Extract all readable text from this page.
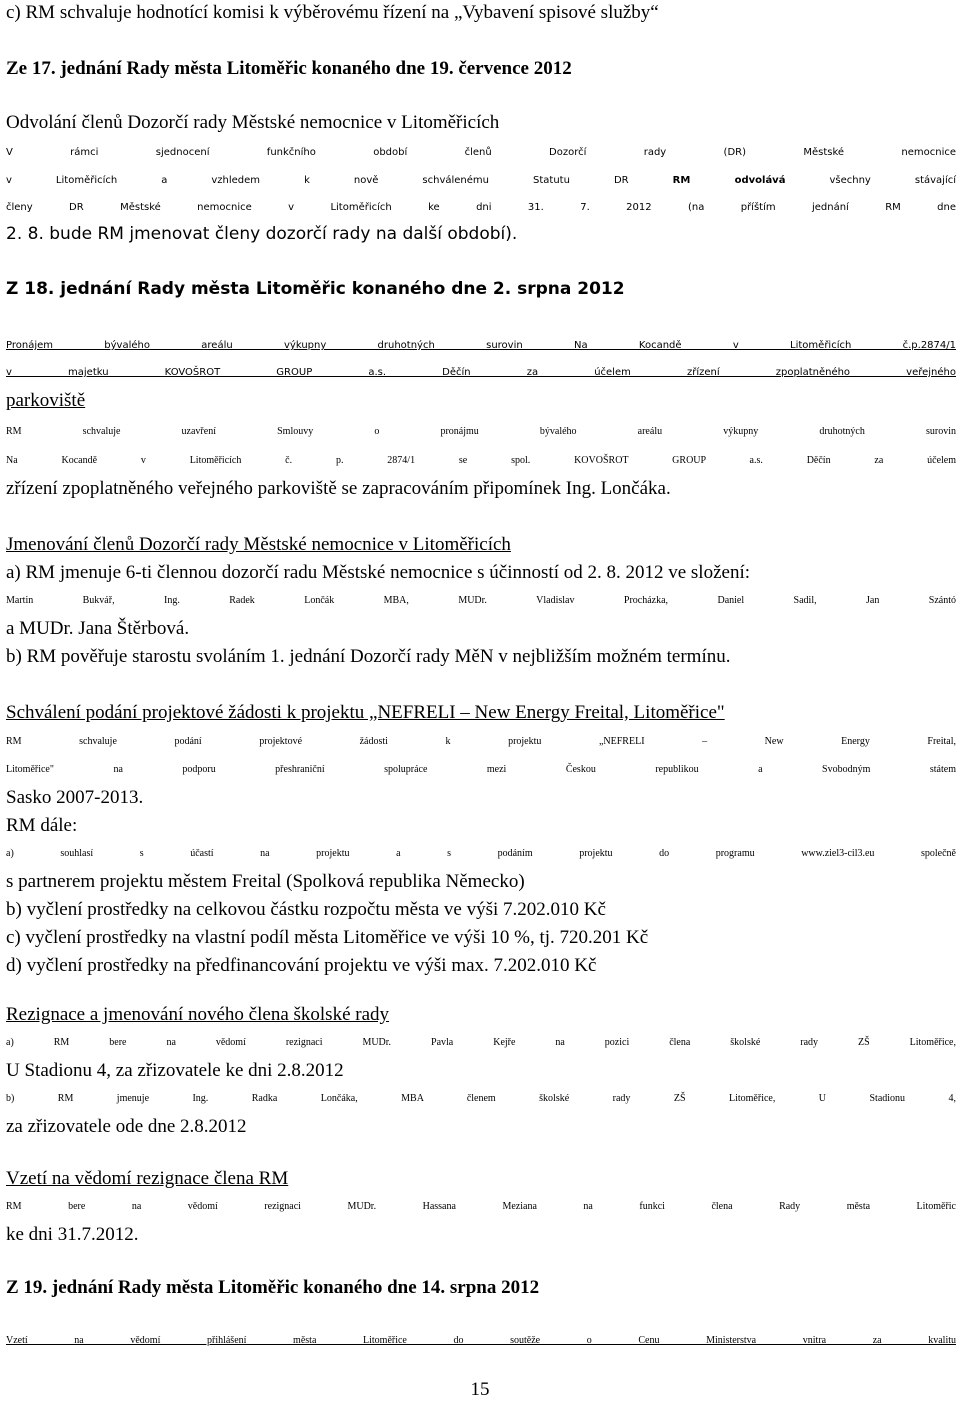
c) RM schvaluje hodnotící komisi k výběrovému řízení na „Vybavení spisové služby“
Ze 17. jednání Rady města Litoměřic konaného dne 19. července 2012
Odvolání členů Dozorčí rady Městské nemocnice v Litoměřicích
V rámci sjednocení funkčního období členů Dozorčí rady (DR) Městské nemocnice
v Litoměřicích a vzhledem k nově schválenému Statutu DR RM odvolává všechny stávající
členy DR Městské nemocnice v Litoměřicích ke dni 31. 7. 2012 (na příštím jednání RM dne
2. 8. bude RM jmenovat členy dozorčí rady na další období).
Z 18. jednání Rady města Litoměřic konaného dne 2. srpna 2012
Pronájem bývalého areálu výkupny druhotných surovin Na Kocandě v Litoměřicích č.p.2874/1
v majetku KOVOŠROT GROUP a.s. Děčín za účelem zřízení zpoplatněného veřejného
parkoviště
RM schvaluje uzavření Smlouvy o pronájmu bývalého areálu výkupny druhotných surovin
Na Kocandě v Litoměřicích č. p. 2874/1 se spol. KOVOŠROT GROUP a.s. Děčín za účelem
zřízení zpoplatněného veřejného parkoviště se zapracováním připomínek Ing. Lončáka.
Jmenování členů Dozorčí rady Městské nemocnice v Litoměřicích
a) RM jmenuje 6-ti člennou dozorčí radu Městské nemocnice s účinností od 2. 8. 2012 ve složení:
Martin Bukvář, Ing. Radek Lončák MBA, MUDr. Vladislav Procházka, Daniel Sadil, Jan Szántó
a MUDr. Jana Štěrbová.
b) RM pověřuje starostu svoláním 1. jednání Dozorčí rady MěN v nejbližším možném termínu.
Schválení podání projektové žádosti k projektu „NEFRELI – New Energy Freital, Litoměřice"
RM schvaluje podání projektové žádosti k projektu „NEFRELI – New Energy Freital,
Litoměřice" na podporu přeshraniční spolupráce mezi Českou republikou a Svobodným státem
Sasko 2007-2013.
RM dále:
a) souhlasí s účastí na projektu a s podáním projektu do programu www.ziel3-cil3.eu společně
s partnerem projektu městem Freital (Spolková republika Německo)
b) vyčlení prostředky na celkovou částku rozpočtu města ve výši 7.202.010 Kč
c) vyčlení prostředky na vlastní podíl města Litoměřice ve výši 10 %, tj. 720.201 Kč
d) vyčlení prostředky na předfinancování projektu ve výši max. 7.202.010 Kč
Rezignace a jmenování nového člena školské rady
a) RM bere na vědomí rezignaci MUDr. Pavla Kejře na pozici člena školské rady ZŠ Litoměřice,
U Stadionu 4, za zřizovatele ke dni 2.8.2012
b) RM jmenuje Ing. Radka Lončáka, MBA členem školské rady ZŠ Litoměřice, U Stadionu 4,
za zřizovatele ode dne 2.8.2012
Vzetí na vědomí rezignace člena RM
RM bere na vědomí rezignaci MUDr. Hassana Meziana na funkci člena Rady města Litoměřic
ke dni 31.7.2012.
Z 19. jednání Rady města Litoměřic konaného dne 14. srpna 2012
Vzetí na vědomí přihlášení města Litoměřice do soutěže o Cenu Ministerstva vnitra za kvalitu
15
